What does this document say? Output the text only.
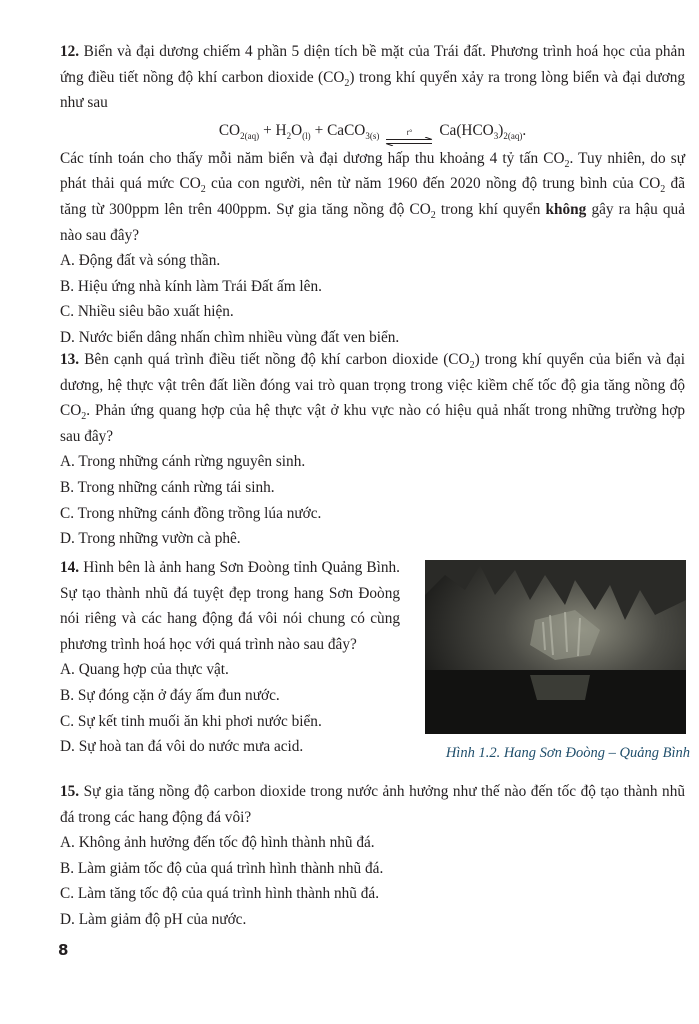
12. Biển và đại dương chiếm 4 phần 5 diện tích bề mặt của Trái đất. Phương trình hoá học của phản ứng điều tiết nồng độ khí carbon dioxide $(CO_2)$ trong khí quyển xảy ra trong lòng biển và đại dương như sau

$CO_{2(aq)} + H_2O_{(l)}$ + CaCO$_{3(s)}$	t° $Ca(HCO_3)_{2(aq)}$.

Các tính toán cho thấy mỗi năm biển và đại dương hấp thu khoảng 4 tỷ tấn $CO_2$. Tuy nhiên, do sự phát thải quá mức $CO_2$ của con người, nên từ năm 1960 đến 2020 nồng độ trung bình của $CO_2$ đã tăng từ 300ppm lên trên 400ppm. Sự gia tăng nồng độ $CO_2$ trong khí quyển không gây ra hậu quả nào sau đây?

A. Động đất và sóng thần.

B. Hiệu ứng nhà kính làm Trái Đất ấm lên.

C. Nhiều siêu bão xuất hiện.

D. Nước biển dâng nhấn chìm nhiều vùng đất ven biển.

13. Bên cạnh quá trình điều tiết nồng độ khí carbon dioxide $(CO_2)$ trong khí quyển của biển và đại dương, hệ thực vật trên đất liền đóng vai trò quan trọng trong việc kiềm chế tốc độ gia tăng nồng độ $CO_2$. Phản ứng quang hợp của hệ thực vật ở khu vực nào có hiệu quả nhất trong những trường hợp sau đây?

A. Trong những cánh rừng nguyên sinh.

B. Trong những cánh rừng tái sinh.

C. Trong những cánh đồng trồng lúa nước.

D. Trong những vườn cà phê.

14. Hình bên là ảnh hang Sơn Đoòng tỉnh Quảng Bình. Sự tạo thành nhũ đá tuyệt đẹp trong hang Sơn Đoòng nói riêng và các hang động đá vôi nói chung có cùng phương trình hoá học với quá trình nào sau đây?

A. Quang hợp của thực vật.

B. Sự đóng cặn ở đáy ấm đun nước.

C. Sự kết tinh muối ăn khi phơi nước biển.

D. Sự hoà tan đá vôi do nước mưa acid.	Hình 1.2. Hang Sơn Đoòng – Quảng Bình

15. Sự gia tăng nồng độ carbon dioxide trong nước ảnh hưởng như thế nào đến tốc độ tạo thành nhũ đá trong các hang động đá vôi?

A. Không ảnh hưởng đến tốc độ hình thành nhũ đá.

B. Làm giảm tốc độ của quá trình hình thành nhũ đá.

C. Làm tăng tốc độ của quá trình hình thành nhũ đá.

D. Làm giảm độ pH của nước.

8
